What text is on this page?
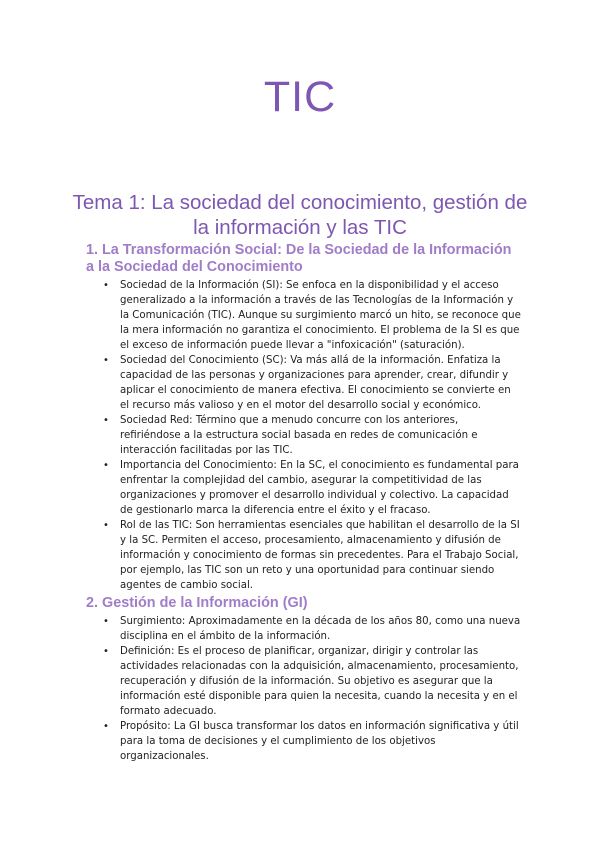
TIC
Tema 1: La sociedad del conocimiento, gestión de la información y las TIC
1. La Transformación Social: De la Sociedad de la Información a la Sociedad del Conocimiento
• Sociedad de la Información (SI): Se enfoca en la disponibilidad y el acceso generalizado a la información a través de las Tecnologías de la Información y la Comunicación (TIC). Aunque su surgimiento marcó un hito, se reconoce que la mera información no garantiza el conocimiento. El problema de la SI es que el exceso de información puede llevar a "infoxicación" (saturación).
• Sociedad del Conocimiento (SC): Va más allá de la información. Enfatiza la capacidad de las personas y organizaciones para aprender, crear, difundir y aplicar el conocimiento de manera efectiva. El conocimiento se convierte en el recurso más valioso y en el motor del desarrollo social y económico.
• Sociedad Red: Término que a menudo concurre con los anteriores, refiriéndose a la estructura social basada en redes de comunicación e interacción facilitadas por las TIC.
• Importancia del Conocimiento: En la SC, el conocimiento es fundamental para enfrentar la complejidad del cambio, asegurar la competitividad de las organizaciones y promover el desarrollo individual y colectivo. La capacidad de gestionarlo marca la diferencia entre el éxito y el fracaso.
• Rol de las TIC: Son herramientas esenciales que habilitan el desarrollo de la SI y la SC. Permiten el acceso, procesamiento, almacenamiento y difusión de información y conocimiento de formas sin precedentes. Para el Trabajo Social, por ejemplo, las TIC son un reto y una oportunidad para continuar siendo agentes de cambio social.
2. Gestión de la Información (GI)
• Surgimiento: Aproximadamente en la década de los años 80, como una nueva disciplina en el ámbito de la información.
• Definición: Es el proceso de planificar, organizar, dirigir y controlar las actividades relacionadas con la adquisición, almacenamiento, procesamiento, recuperación y difusión de la información. Su objetivo es asegurar que la información esté disponible para quien la necesita, cuando la necesita y en el formato adecuado.
• Propósito: La GI busca transformar los datos en información significativa y útil para la toma de decisiones y el cumplimiento de los objetivos organizacionales.
